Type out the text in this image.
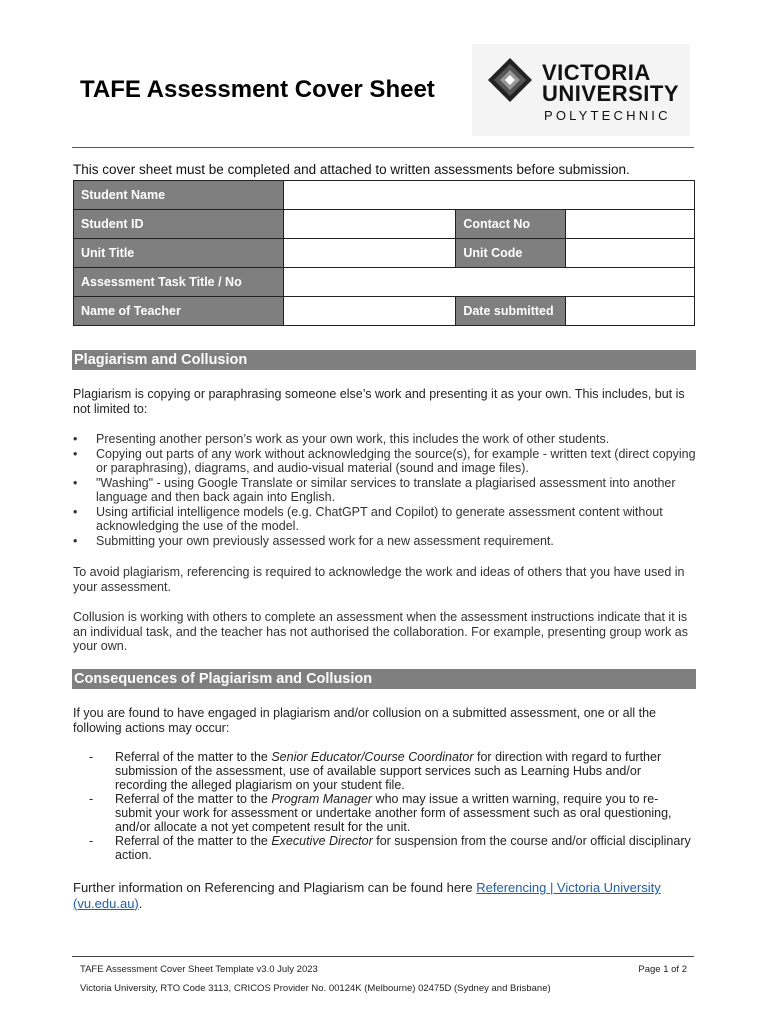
TAFE Assessment Cover Sheet
VICTORIA
UNIVERSITY
POLYTECHNIC
This cover sheet must be completed and attached to written assessments before submission.
Student Name			
Student ID		Contact No	
Unit Title		Unit Code	
Assessment Task Title / No			
Name of Teacher		Date submitted	
Plagiarism and Collusion
Plagiarism is copying or paraphrasing someone else’s work and presenting it as your own. This includes, but is not limited to:
• Presenting another person’s work as your own work, this includes the work of other students.
• Copying out parts of any work without acknowledging the source(s), for example - written text (direct copying or paraphrasing), diagrams, and audio-visual material (sound and image files).
• "Washing" - using Google Translate or similar services to translate a plagiarised assessment into another language and then back again into English.
• Using artificial intelligence models (e.g. ChatGPT and Copilot) to generate assessment content without acknowledging the use of the model.
• Submitting your own previously assessed work for a new assessment requirement.
To avoid plagiarism, referencing is required to acknowledge the work and ideas of others that you have used in your assessment.
Collusion is working with others to complete an assessment when the assessment instructions indicate that it is an individual task, and the teacher has not authorised the collaboration. For example, presenting group work as your own.
Consequences of Plagiarism and Collusion
If you are found to have engaged in plagiarism and/or collusion on a submitted assessment, one or all the following actions may occur:
- Referral of the matter to the Senior Educator/Course Coordinator for direction with regard to further submission of the assessment, use of available support services such as Learning Hubs and/or recording the alleged plagiarism on your student file.
- Referral of the matter to the Program Manager who may issue a written warning, require you to re-submit your work for assessment or undertake another form of assessment such as oral questioning, and/or allocate a not yet competent result for the unit.
- Referral of the matter to the Executive Director for suspension from the course and/or official disciplinary action.
Further information on Referencing and Plagiarism can be found here Referencing | Victoria University (vu.edu.au).
TAFE Assessment Cover Sheet Template v3.0 July 2023	Page 1 of 2
Victoria University, RTO Code 3113, CRICOS Provider No. 00124K (Melbourne) 02475D (Sydney and Brisbane)
